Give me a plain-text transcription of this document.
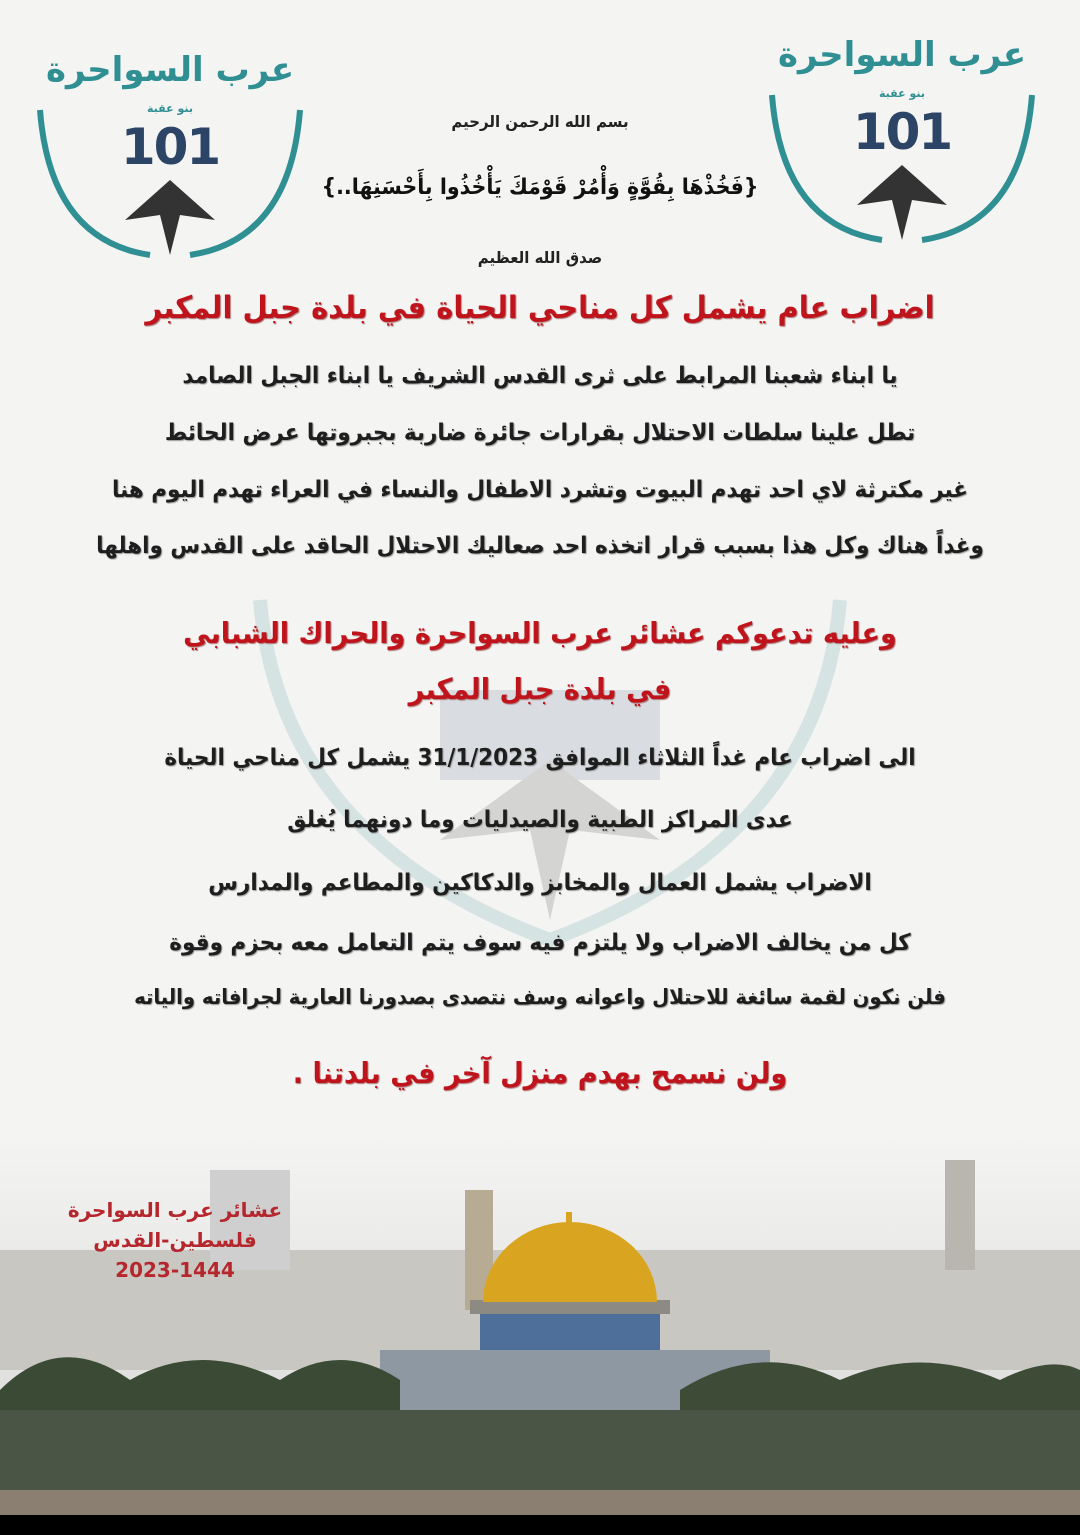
عرب السواحرة
بنو عقبة
101
عرب السواحرة
بنو عقبة
101
بسم الله الرحمن الرحيم
{فَخُذْهَا بِقُوَّةٍ وَأْمُرْ قَوْمَكَ يَأْخُذُوا بِأَحْسَنِهَا..}
صدق الله العظيم
اضراب عام يشمل كل مناحي الحياة في بلدة جبل المكبر
يا ابناء شعبنا المرابط على ثرى القدس الشريف يا ابناء الجبل الصامد
تطل علينا سلطات الاحتلال بقرارات جائرة ضاربة بجبروتها عرض الحائط
غير مكترثة لاي احد تهدم البيوت وتشرد الاطفال والنساء في العراء تهدم اليوم هنا
وغداً هناك وكل هذا بسبب قرار اتخذه احد صعاليك الاحتلال الحاقد على القدس واهلها
وعليه تدعوكم عشائر عرب السواحرة والحراك الشبابي
في بلدة جبل المكبر
الى اضراب عام غداً الثلاثاء الموافق 31/1/2023 يشمل كل مناحي الحياة
عدى المراكز الطبية والصيدليات وما دونهما يُغلق
الاضراب يشمل العمال والمخابز والدكاكين والمطاعم والمدارس
كل من يخالف الاضراب ولا يلتزم فيه سوف يتم التعامل معه بحزم وقوة
فلن نكون لقمة سائغة للاحتلال واعوانه وسف نتصدى بصدورنا العارية لجرافاته والياته
ولن نسمح بهدم منزل آخر في بلدتنا .
عشائر عرب السواحرة
فلسطين-القدس
2023-1444
